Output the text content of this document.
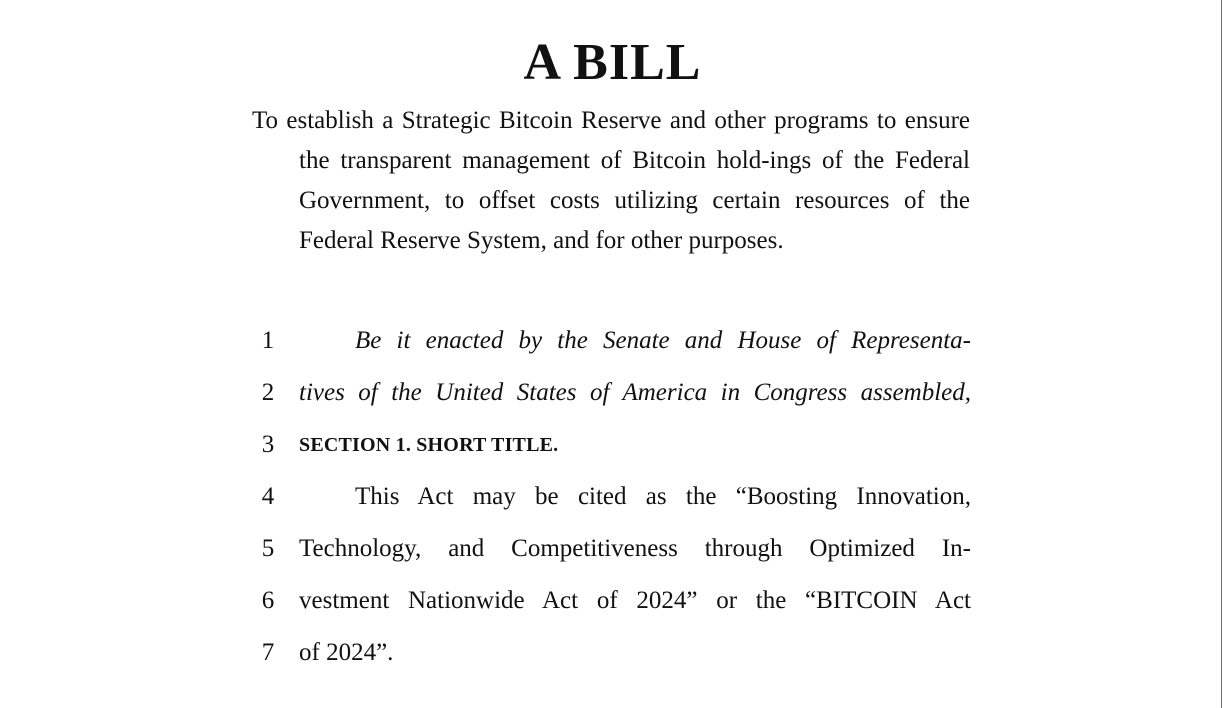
A BILL

To establish a Strategic Bitcoin Reserve and other programs to ensure the transparent management of Bitcoin hold-ings of the Federal Government, to offset costs utilizing certain resources of the Federal Reserve System, and for other purposes.

1	Be it enacted by the Senate and House of Representa-
2 tives of the United States of America in Congress assembled,
3 SECTION 1. SHORT TITLE.
4	This Act may be cited as the “Boosting Innovation,
5 Technology, and Competitiveness through Optimized In-
6 vestment Nationwide Act of 2024” or the “BITCOIN Act
7 of 2024”.
